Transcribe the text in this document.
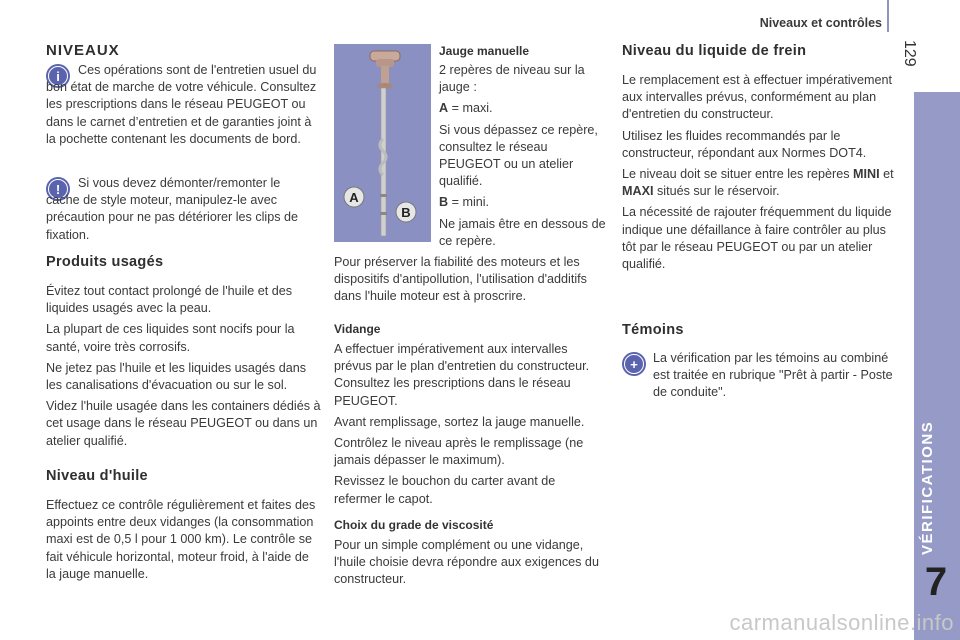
Niveaux et contrôles
129
VÉRIFICATIONS
7
NIVEAUX
i	Ces opérations sont de l'entretien usuel du bon état de marche de votre véhicule. Consultez les prescriptions dans le réseau PEUGEOT ou dans le carnet d’entretien et de garanties joint à la pochette contenant les documents de bord.
!	Si vous devez démonter/remonter le cache de style moteur, manipulez-le avec précaution pour ne pas détériorer les clips de fixation.
Produits usagés

Évitez tout contact prolongé de l'huile et des liquides usagés avec la peau.

La plupart de ces liquides sont nocifs pour la santé, voire très corrosifs.

Ne jetez pas l'huile et les liquides usagés dans les canalisations d'évacuation ou sur le sol.

Videz l'huile usagée dans les containers dédiés à cet usage dans le réseau PEUGEOT ou dans un atelier qualifié.

Niveau d'huile
Effectuez ce contrôle régulièrement et faites des appoints entre deux vidanges (la consommation maxi est de 0,5 l pour 1 000 km). Le contrôle se fait véhicule horizontal, moteur froid, à l'aide de la jauge manuelle.
A
B
Jauge manuelle

2 repères de niveau sur la jauge :

A = maxi.

Si vous dépassez ce repère, consultez le réseau PEUGEOT ou un atelier qualifié.

B = mini.

Ne jamais être en dessous de ce repère.

Pour préserver la fiabilité des moteurs et les dispositifs d'antipollution, l'utilisation d'additifs dans l'huile moteur est à proscrire.
Vidange

A effectuer impérativement aux intervalles prévus par le plan d'entretien du constructeur. Consultez les prescriptions dans le réseau PEUGEOT.

Avant remplissage, sortez la jauge manuelle.

Contrôlez le niveau après le remplissage (ne jamais dépasser le maximum).

Revissez le bouchon du carter avant de refermer le capot.

Choix du grade de viscosité
Pour un simple complément ou une vidange, l'huile choisie devra répondre aux exigences du constructeur.
Niveau du liquide de frein

Le remplacement est à effectuer impérativement aux intervalles prévus, conformément au plan d'entretien du constructeur.

Utilisez les fluides recommandés par le constructeur, répondant aux Normes DOT4.

Le niveau doit se situer entre les repères MINI et MAXI situés sur le réservoir.

La nécessité de rajouter fréquemment du liquide indique une défaillance à faire contrôler au plus tôt par le réseau PEUGEOT ou par un atelier qualifié.

Témoins
+	La vérification par les témoins au combiné est traitée en rubrique "Prêt à partir - Poste de conduite".
carmanualsonline.info
